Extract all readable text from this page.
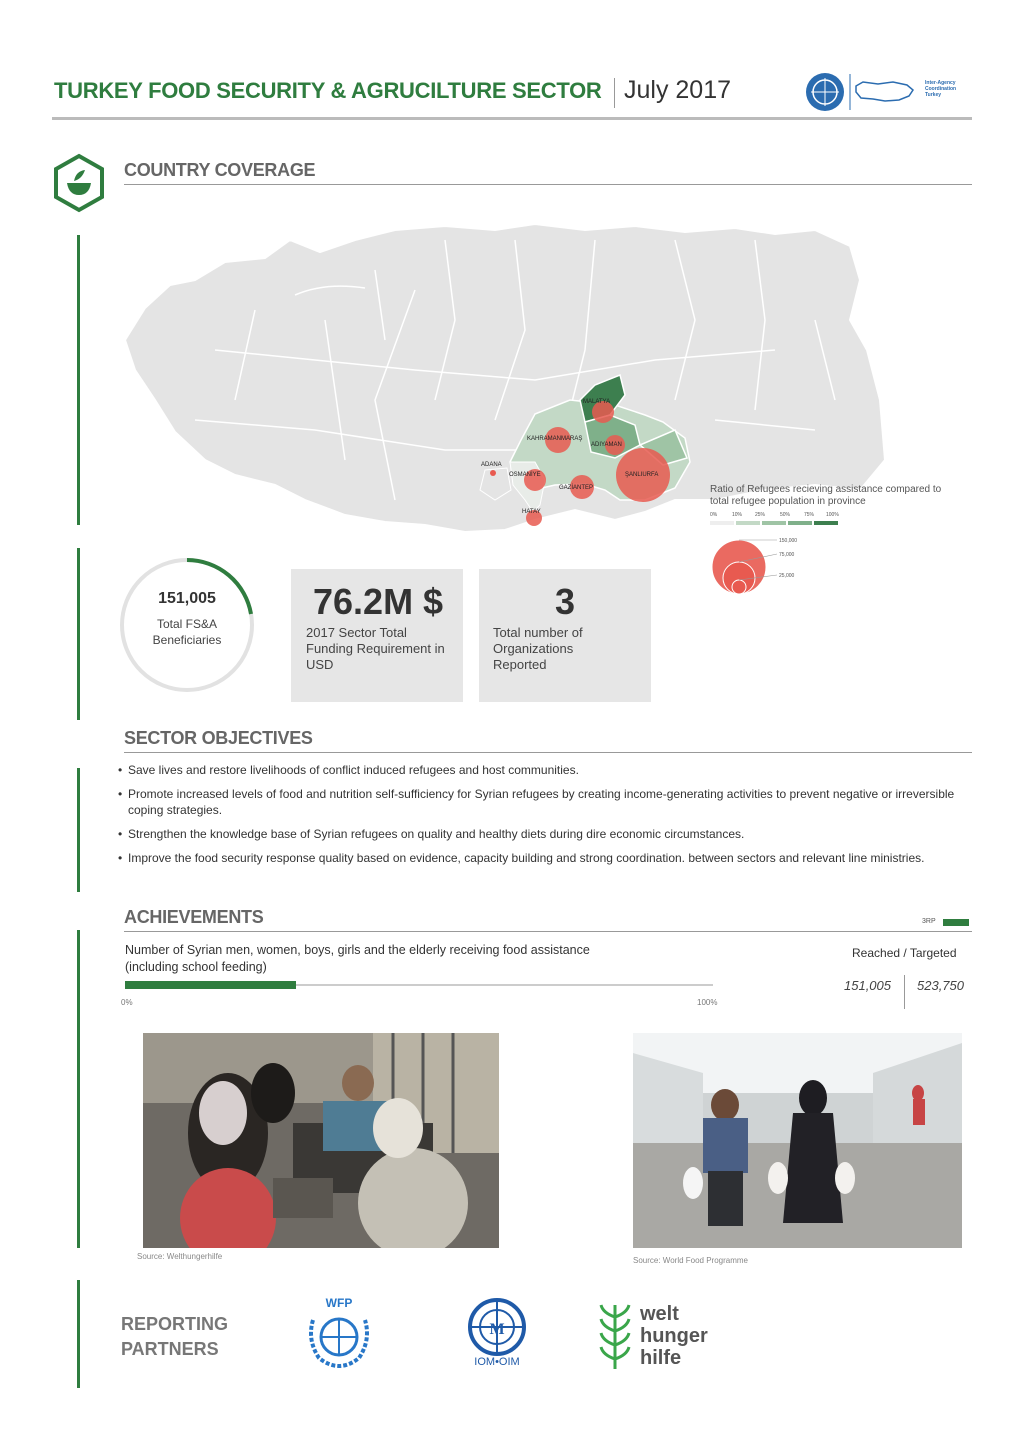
TURKEY FOOD SECURITY & AGRUCILTURE SECTOR July 2017	Inter-Agency Coordination Turkey
COUNTRY COVERAGE
MALATYA
KAHRAMANMARAŞ
ADIYAMAN
ADANA
OSMANİYE
GAZİANTEP
ŞANLIURFA
HATAY
Ratio of Refugees recieving assistance compared to total refugee population in province
0%	10%	25%	50%	75% 100%
150,000
75,000
25,000
151,005
Total FS&A Beneficiaries
76.2M $
2017 Sector Total Funding Requirement in USD
3
Total number of Organizations Reported
SECTOR OBJECTIVES
• Save lives and restore livelihoods of conflict induced refugees and host communities.
• Promote increased levels of food and nutrition self-sufficiency for Syrian refugees by creating income-generating activities to prevent negative or irreversible coping strategies.
• Strengthen the knowledge base of Syrian refugees on quality and healthy diets during dire economic circumstances.
• Improve the food security response quality based on evidence, capacity building and strong coordination. between sectors and relevant line ministries.
ACHIEVEMENTS	3RP
Number of Syrian men, women, boys, girls and the elderly receiving food assistance (including school feeding)
0%	100%
Reached / Targeted
151,005 523,750
Source: Welthungerhilfe	Source: World Food Programme
REPORTING PARTNERS
WFP
M
IOM•OIM
welt
hunger
hilfe
